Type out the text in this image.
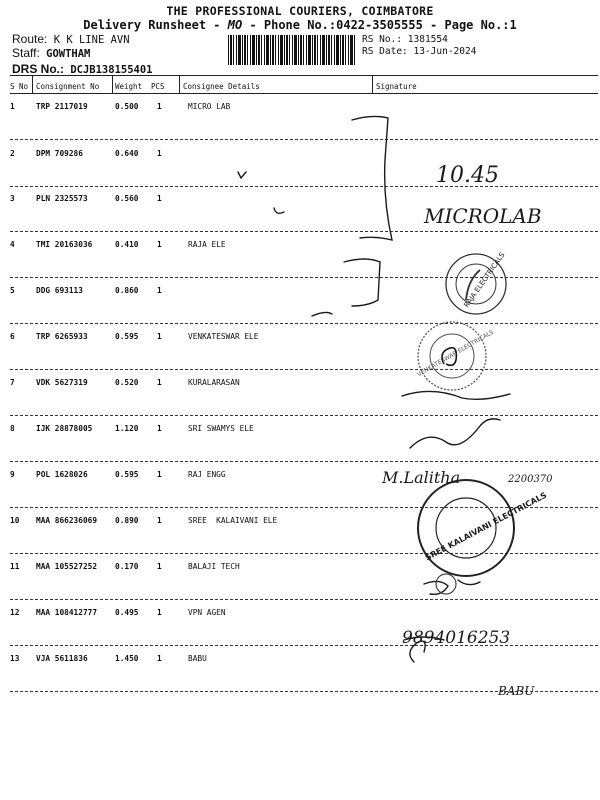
THE PROFESSIONAL COURIERS, COIMBATORE
Delivery Runsheet - MO - Phone No.:0422-3505555 - Page No.:1
Route: K K LINE AVN
Staff: GOWTHAM
DRS No.: DCJB138155401
RS No.: 1381554
RS Date: 13-Jun-2024
S No Consignment No Weight PCS Consignee Details	Signature
1	TRP 2117019	0.500 1	MICRO LAB
2	DPM 709286	0.640 1
3	PLN 2325573	0.560 1
4	TMI 20163036	0.410 1	RAJA ELE
5	DDG 693113	0.860 1
6	TRP 6265933	0.595 1	VENKATESWAR ELE
7	VDK 5627319	0.520 1	KURALARASAN
8	IJK 28878005	1.120 1	SRI SWAMYS ELE
9	POL 1628026	0.595 1	RAJ ENGG
10 MAA 866236069 0.890 1	SREE  KALAIVANI ELE
11 MAA 105527252 0.170 1	BALAJI TECH
12 MAA 108412777 0.495 1	VPN AGEN
13 VJA 5611836	1.450 1	BABU
10.45
MICROLAB
M.Lalitha	2200370
9894016253
BABU
RAJA ELECTRICALS
VENKATESWAR ELECTRICALS
SREE KALAIVANI ELECTRICALS
